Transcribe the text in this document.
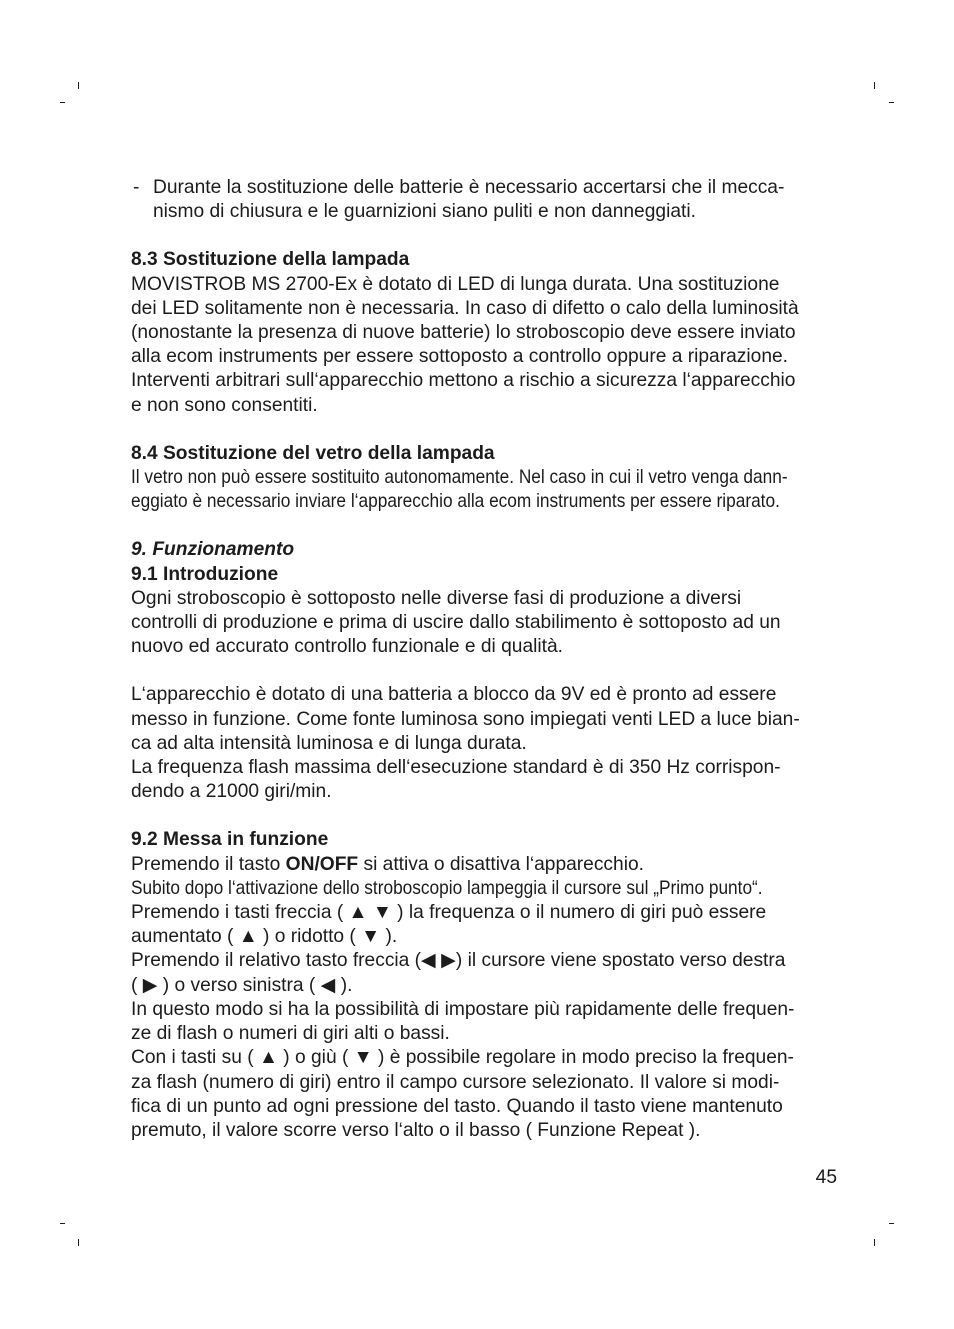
- Durante la sostituzione delle batterie è necessario accertarsi che il mecca-
nismo di chiusura e le guarnizioni siano puliti e non danneggiati.
8.3 Sostituzione della lampada
MOVISTROB MS 2700-Ex è dotato di LED di lunga durata. Una sostituzione
dei LED solitamente non è necessaria. In caso di difetto o calo della luminosità
(nonostante la presenza di nuove batterie) lo stroboscopio deve essere inviato
alla ecom instruments per essere sottoposto a controllo oppure a riparazione.
Interventi arbitrari sull‘apparecchio mettono a rischio a sicurezza l‘apparecchio
e non sono consentiti.
8.4 Sostituzione del vetro della lampada
Il vetro non può essere sostituito autonomamente. Nel caso in cui il vetro venga dann-
eggiato è necessario inviare l‘apparecchio alla ecom instruments per essere riparato.
9. Funzionamento
9.1 Introduzione
Ogni stroboscopio è sottoposto nelle diverse fasi di produzione a diversi
controlli di produzione e prima di uscire dallo stabilimento è sottoposto ad un
nuovo ed accurato controllo funzionale e di qualità.
L‘apparecchio è dotato di una batteria a blocco da 9V ed è pronto ad essere
messo in funzione. Come fonte luminosa sono impiegati venti LED a luce bian-
ca ad alta intensità luminosa e di lunga durata.
La frequenza flash massima dell‘esecuzione standard è di 350 Hz corrispon-
dendo a 21000 giri/min.
9.2 Messa in funzione
Premendo il tasto ON/OFF si attiva o disattiva l‘apparecchio.
Subito dopo l‘attivazione dello stroboscopio lampeggia il cursore sul „Primo punto“.
Premendo i tasti freccia ( ▲ ▼ ) la frequenza o il numero di giri può essere
aumentato ( ▲ ) o ridotto ( ▼ ).
Premendo il relativo tasto freccia (◀ ▶) il cursore viene spostato verso destra
( ▶ ) o verso sinistra ( ◀ ).
In questo modo si ha la possibilità di impostare più rapidamente delle frequen-
ze di flash o numeri di giri alti o bassi.
Con i tasti su ( ▲ ) o giù ( ▼ ) è possibile regolare in modo preciso la frequen-
za flash (numero di giri) entro il campo cursore selezionato. Il valore si modi-
fica di un punto ad ogni pressione del tasto. Quando il tasto viene mantenuto
premuto, il valore scorre verso l‘alto o il basso ( Funzione Repeat ).
45
